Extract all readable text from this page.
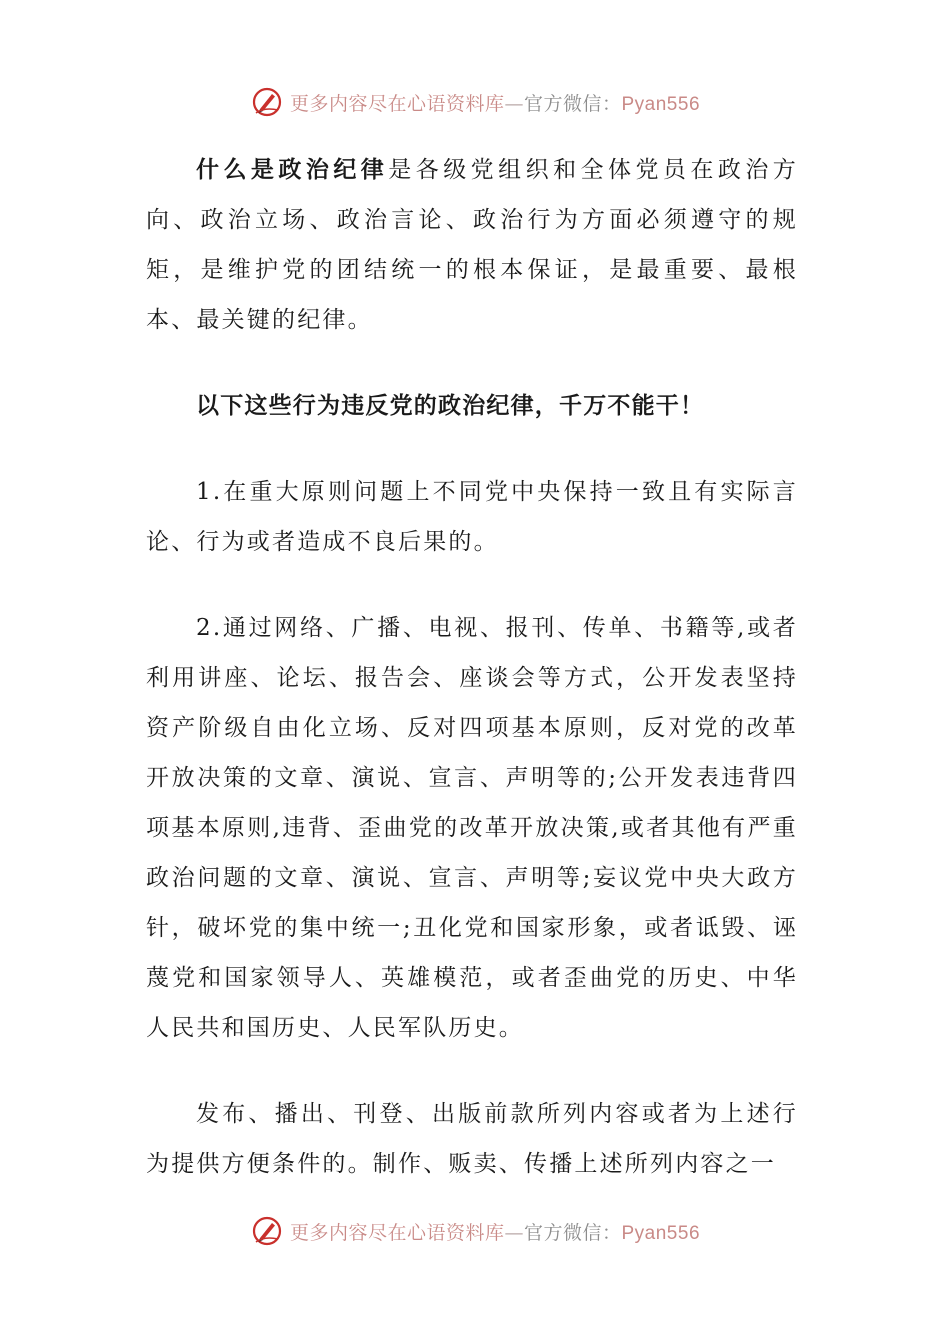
更多内容尽在心语资料库—官方微信：Pyan556

什么是政治纪律是各级党组织和全体党员在政治方向、政治立场、政治言论、政治行为方面必须遵守的规矩，是维护党的团结统一的根本保证，是最重要、最根本、最关键的纪律。

以下这些行为违反党的政治纪律，千万不能干！

1.在重大原则问题上不同党中央保持一致且有实际言论、行为或者造成不良后果的。

2.通过网络、广播、电视、报刊、传单、书籍等,或者利用讲座、论坛、报告会、座谈会等方式，公开发表坚持资产阶级自由化立场、反对四项基本原则，反对党的改革开放决策的文章、演说、宣言、声明等的;公开发表违背四项基本原则,违背、歪曲党的改革开放决策,或者其他有严重政治问题的文章、演说、宣言、声明等;妄议党中央大政方针，破坏党的集中统一;丑化党和国家形象，或者诋毁、诬蔑党和国家领导人、英雄模范，或者歪曲党的历史、中华人民共和国历史、人民军队历史。

发布、播出、刊登、出版前款所列内容或者为上述行为提供方便条件的。制作、贩卖、传播上述所列内容之一

更多内容尽在心语资料库—官方微信：Pyan556
